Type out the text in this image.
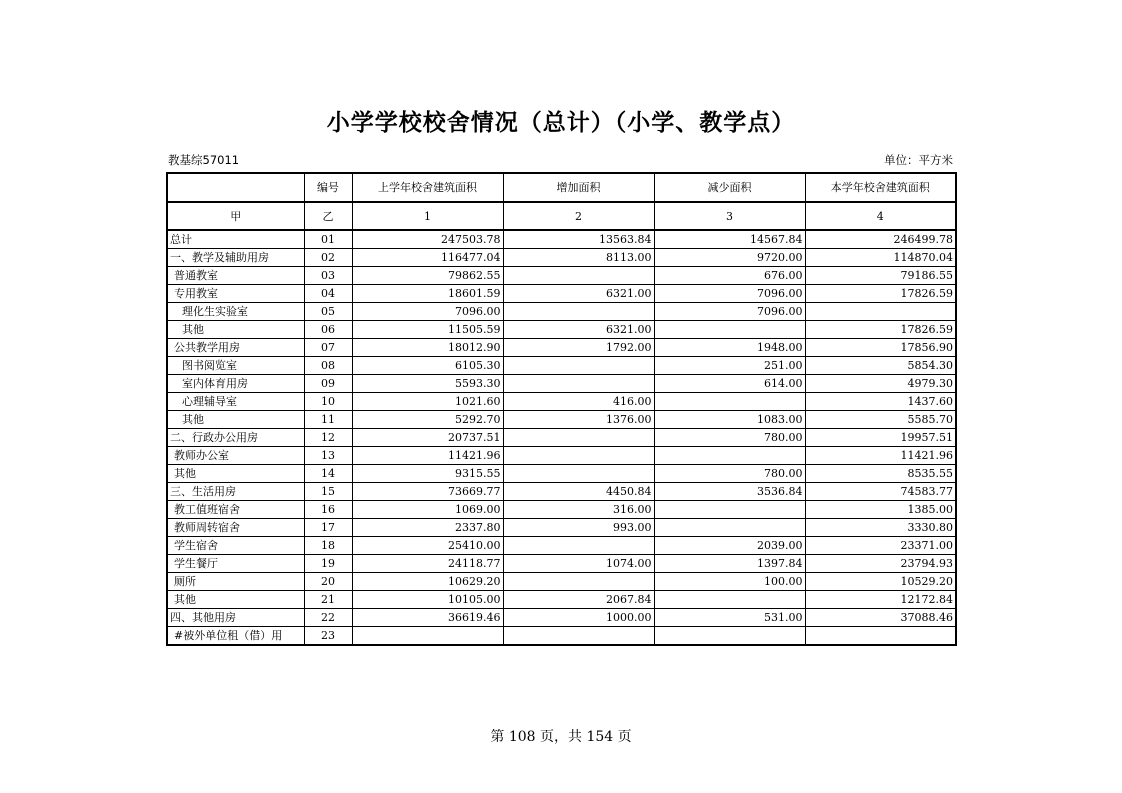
小学学校校舍情况（总计）（小学、教学点）
教基综57011	单位：平方米
	编号	上学年校舍建筑面积	增加面积	减少面积	本学年校舍建筑面积
甲	乙	1	2	3	4
总计	01	247503.78	13563.84	14567.84	246499.78
一、教学及辅助用房	02	116477.04	8113.00	9720.00	114870.04
普通教室	03	79862.55		676.00	79186.55
专用教室	04	18601.59	6321.00	7096.00	17826.59
理化生实验室	05	7096.00		7096.00	
其他	06	11505.59	6321.00		17826.59
公共教学用房	07	18012.90	1792.00	1948.00	17856.90
图书阅览室	08	6105.30		251.00	5854.30
室内体育用房	09	5593.30		614.00	4979.30
心理辅导室	10	1021.60	416.00		1437.60
其他	11	5292.70	1376.00	1083.00	5585.70
二、行政办公用房	12	20737.51		780.00	19957.51
教师办公室	13	11421.96			11421.96
其他	14	9315.55		780.00	8535.55
三、生活用房	15	73669.77	4450.84	3536.84	74583.77
教工值班宿舍	16	1069.00	316.00		1385.00
教师周转宿舍	17	2337.80	993.00		3330.80
学生宿舍	18	25410.00		2039.00	23371.00
学生餐厅	19	24118.77	1074.00	1397.84	23794.93
厕所	20	10629.20		100.00	10529.20
其他	21	10105.00	2067.84		12172.84
四、其他用房	22	36619.46	1000.00	531.00	37088.46
#被外单位租（借）用	23				
第 108 页，共 154 页
